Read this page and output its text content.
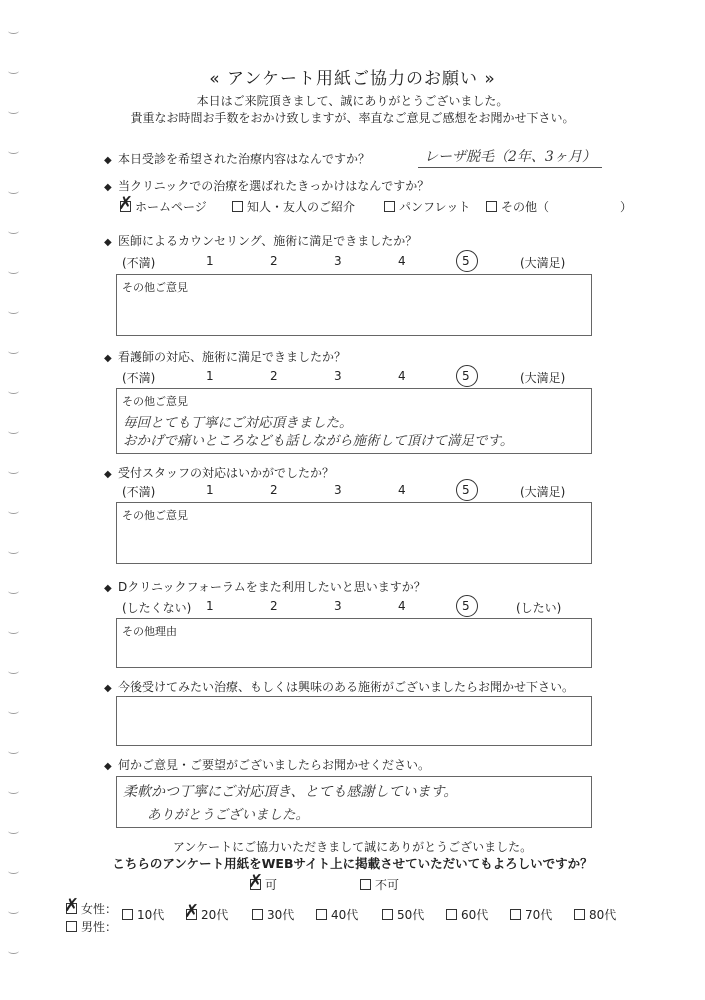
« アンケート用紙ご協力のお願い »
本日はご来院頂きまして、誠にありがとうございました。
貴重なお時間お手数をおかけ致しますが、率直なご意見ご感想をお聞かせ下さい。
◆ 本日受診を希望された治療内容はなんですか？	レーザ脱毛（2年、3ヶ月）
◆ 当クリニックでの治療を選ばれたきっかけはなんですか？
✗ホームページ	知人・友人のご紹介	パンフレット	その他（	）
◆ 医師によるカウンセリング、施術に満足できましたか？
(不満)	1	2	3	4	5	(大満足)
その他ご意見
◆ 看護師の対応、施術に満足できましたか？
(不満)	1	2	3	4	5	(大満足)
その他ご意見
毎回とても丁寧にご対応頂きました。
おかげで痛いところなども話しながら施術して頂けて満足です。
◆ 受付スタッフの対応はいかがでしたか？
(不満)	1	2	3	4	5	(大満足)
その他ご意見
◆ Dクリニックフォーラムをまた利用したいと思いますか？
(したくない) 1	2	3	4	5	(したい)
その他理由
◆ 今後受けてみたい治療、もしくは興味のある施術がございましたらお聞かせ下さい。
◆ 何かご意見・ご要望がございましたらお聞かせください。
柔軟かつ丁寧にご対応頂き、とても感謝しています。
ありがとうございました。
アンケートにご協力いただきまして誠にありがとうございました。
こちらのアンケート用紙をWEBサイト上に掲載させていただいてもよろしいですか？
✗可	不可
✗女性：
男性：
10代
✗	20代	30代	40代	50代	60代	70代	80代
